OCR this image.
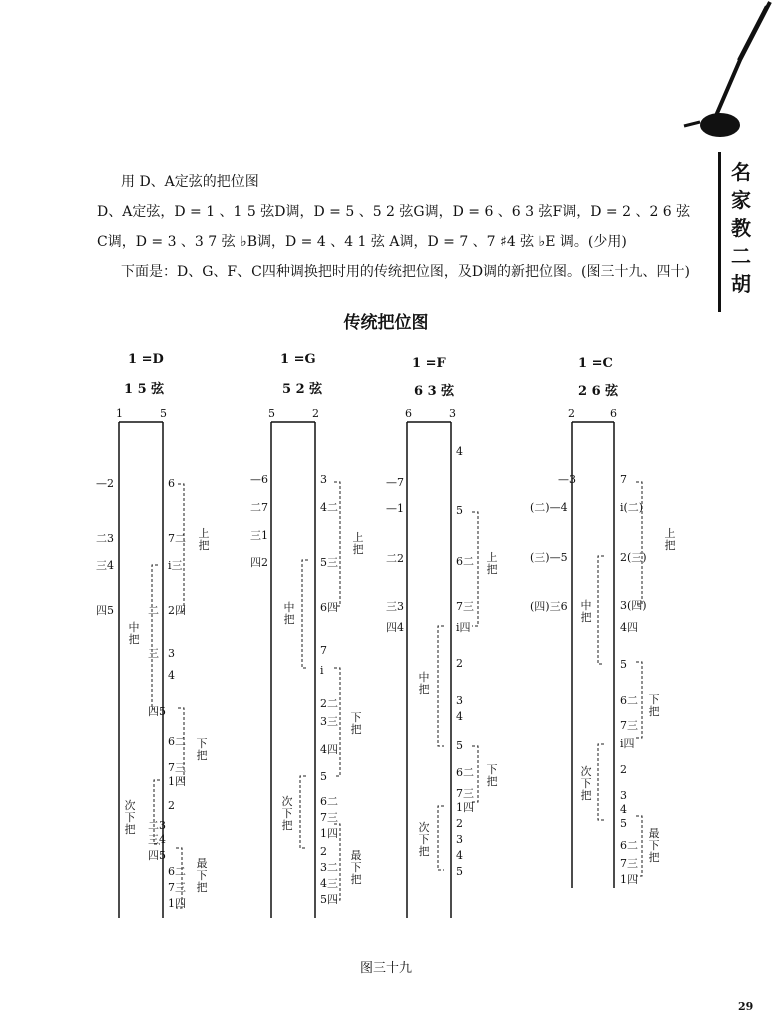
名家教二胡
用 D、A定弦的把位图
D、A定弦，D = 1 、1 5 弦D调，D = 5 、5 2 弦G调，D = 6 、6 3 弦F调，D = 2 、2 6 弦
C调，D = 3 、3 7 弦 ♭B调，D = 4 、4 1 弦 A调，D = 7 、7 ♯4 弦 ♭E 调。(少用)
下面是：D、G、F、C四种调换把时用的传统把位图，及D调的新把位图。(图三十九、四十)
传统把位图
1 =D
1 5 弦
1	5
—2
二3
三4
四5
6
7二
i三
2四
二
三 3
4
四5
6二
7三
1四
2
二3
三4
四5
6二
7三
1四
上把
中把
下把
次下把
最下把
1 =G
5 2 弦
5	2
—6
二7
三1
四2
3
4二
5三
6四
7
i
2二
3三
4四
5
6二
7三
1四
2
3二
4三
5四
上把
中把
下把
次下把
最下把
1 =F
6 3 弦
6	3
—7
—1
二2
三3
四4
4
5
6二
7三
i四
2
3
4
5
6二
7三
1四
2
3
4
5
上把
中把
下把
次下把
1 =C
2 6 弦
2	6
—3
(二)—4
(三)—5
(四)三6
7
i(二)
2(三)
3(四)
4四
5
6二
7三
i四
2
3
4
5
6二
7三
1四
上把
中把
下把
次下把
最下把
图三十九
29
